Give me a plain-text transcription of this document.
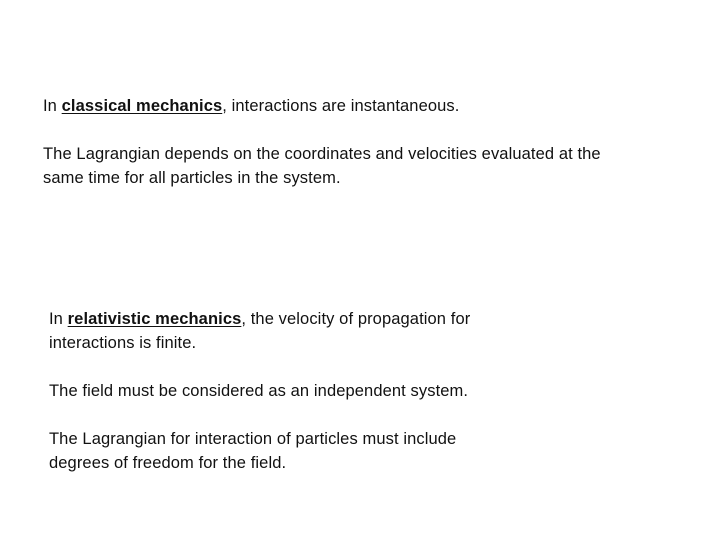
In classical mechanics, interactions are instantaneous.

The Lagrangian depends on the coordinates and velocities evaluated at the

same time for all particles in the system.

In relativistic mechanics, the velocity of propagation for

interactions is finite.

The field must be considered as an independent system.

The Lagrangian for interaction of particles must include

degrees of freedom for the field.
